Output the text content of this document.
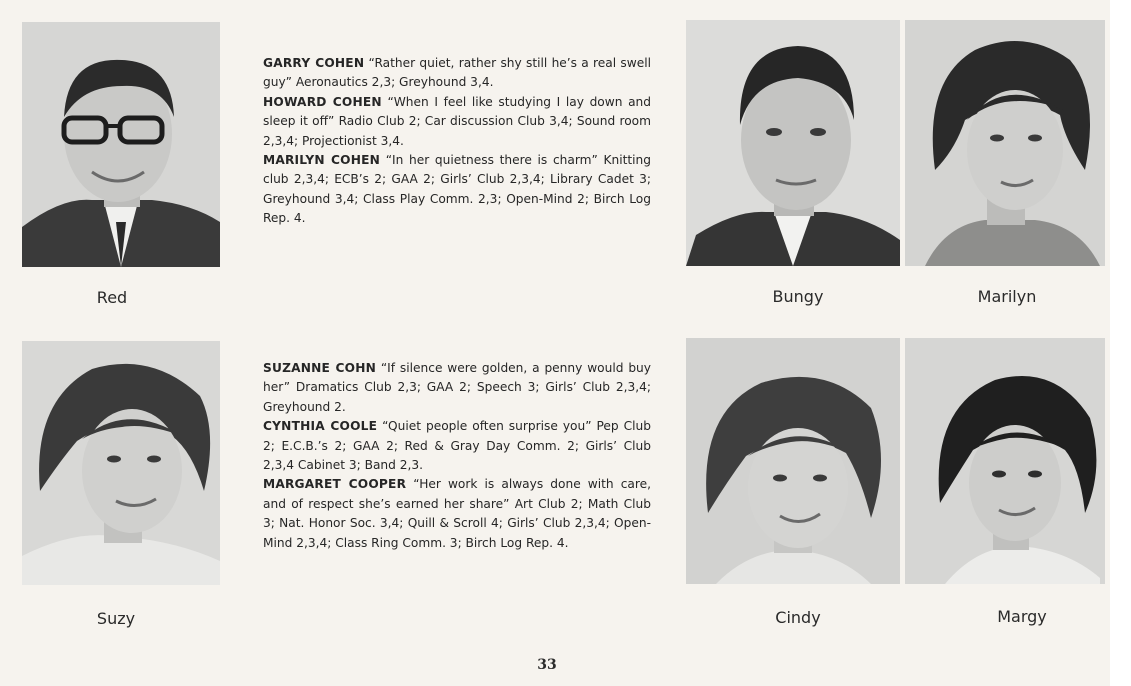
Red

GARRY COHEN “Rather quiet, rather shy still he’s a real swell guy” Aeronautics 2,3; Greyhound 3,4.

HOWARD COHEN “When I feel like studying I lay down and sleep it off” Radio Club 2; Car discussion Club 3,4; Sound room 2,3,4; Projectionist 3,4.

MARILYN COHEN “In her quietness there is charm” Knitting club 2,3,4; ECB’s 2; GAA 2; Girls’ Club 2,3,4; Library Cadet 3; Greyhound 3,4; Class Play Comm. 2,3; Open-Mind 2; Birch Log Rep. 4.

Bungy	Marilyn
Suzy

SUZANNE COHN “If silence were golden, a penny would buy her” Dramatics Club 2,3; GAA 2; Speech 3; Girls’ Club 2,3,4; Greyhound 2.

CYNTHIA COOLE “Quiet people often surprise you” Pep Club 2; E.C.B.’s 2; GAA 2; Red & Gray Day Comm. 2; Girls’ Club 2,3,4 Cabinet 3; Band 2,3.

MARGARET COOPER “Her work is always done with care, and of respect she’s earned her share” Art Club 2; Math Club 3; Nat. Honor Soc. 3,4; Quill & Scroll 4; Girls’ Club 2,3,4; Open-Mind 2,3,4; Class Ring Comm. 3; Birch Log Rep. 4.

Cindy	Margy
33
